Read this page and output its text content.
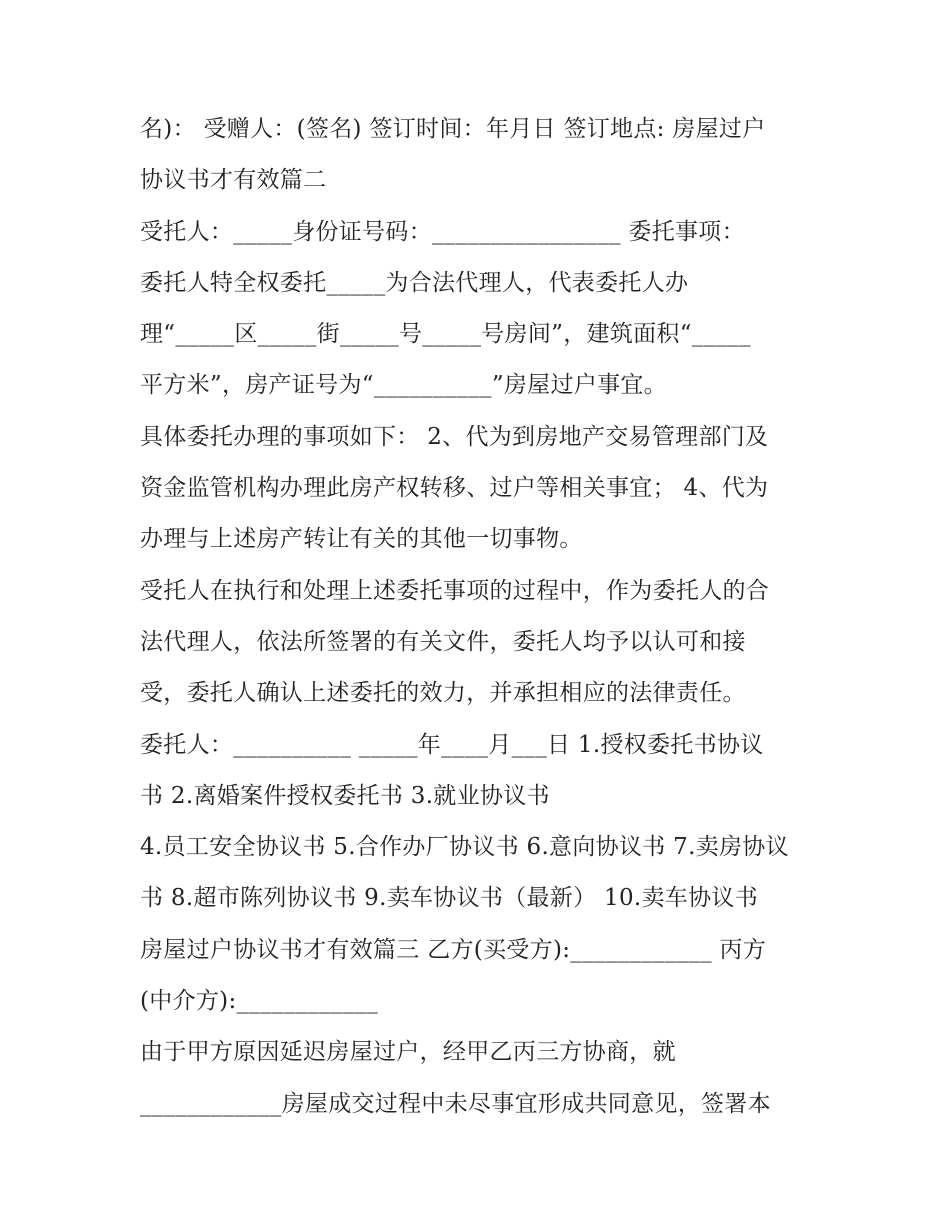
名)： 受赠人：(签名) 签订时间：年月日 签订地点: 房屋过户
协议书才有效篇二
受托人：_____身份证号码：________________ 委托事项：
委托人特全权委托_____为合法代理人，代表委托人办
理“_____区_____街_____号_____号房间”，建筑面积“_____
平方米”，房产证号为“__________”房屋过户事宜。
具体委托办理的事项如下： 2、代为到房地产交易管理部门及
资金监管机构办理此房产权转移、过户等相关事宜； 4、代为
办理与上述房产转让有关的其他一切事物。
受托人在执行和处理上述委托事项的过程中，作为委托人的合
法代理人，依法所签署的有关文件，委托人均予以认可和接
受，委托人确认上述委托的效力，并承担相应的法律责任。
委托人：__________ _____年____月___日 1.授权委托书协议
书 2.离婚案件授权委托书 3.就业协议书
4.员工安全协议书 5.合作办厂协议书 6.意向协议书 7.卖房协议
书 8.超市陈列协议书 9.卖车协议书（最新） 10.卖车协议书
房屋过户协议书才有效篇三 乙方(买受方):____________ 丙方
(中介方):____________
由于甲方原因延迟房屋过户，经甲乙丙三方协商，就
____________房屋成交过程中未尽事宜形成共同意见，签署本
